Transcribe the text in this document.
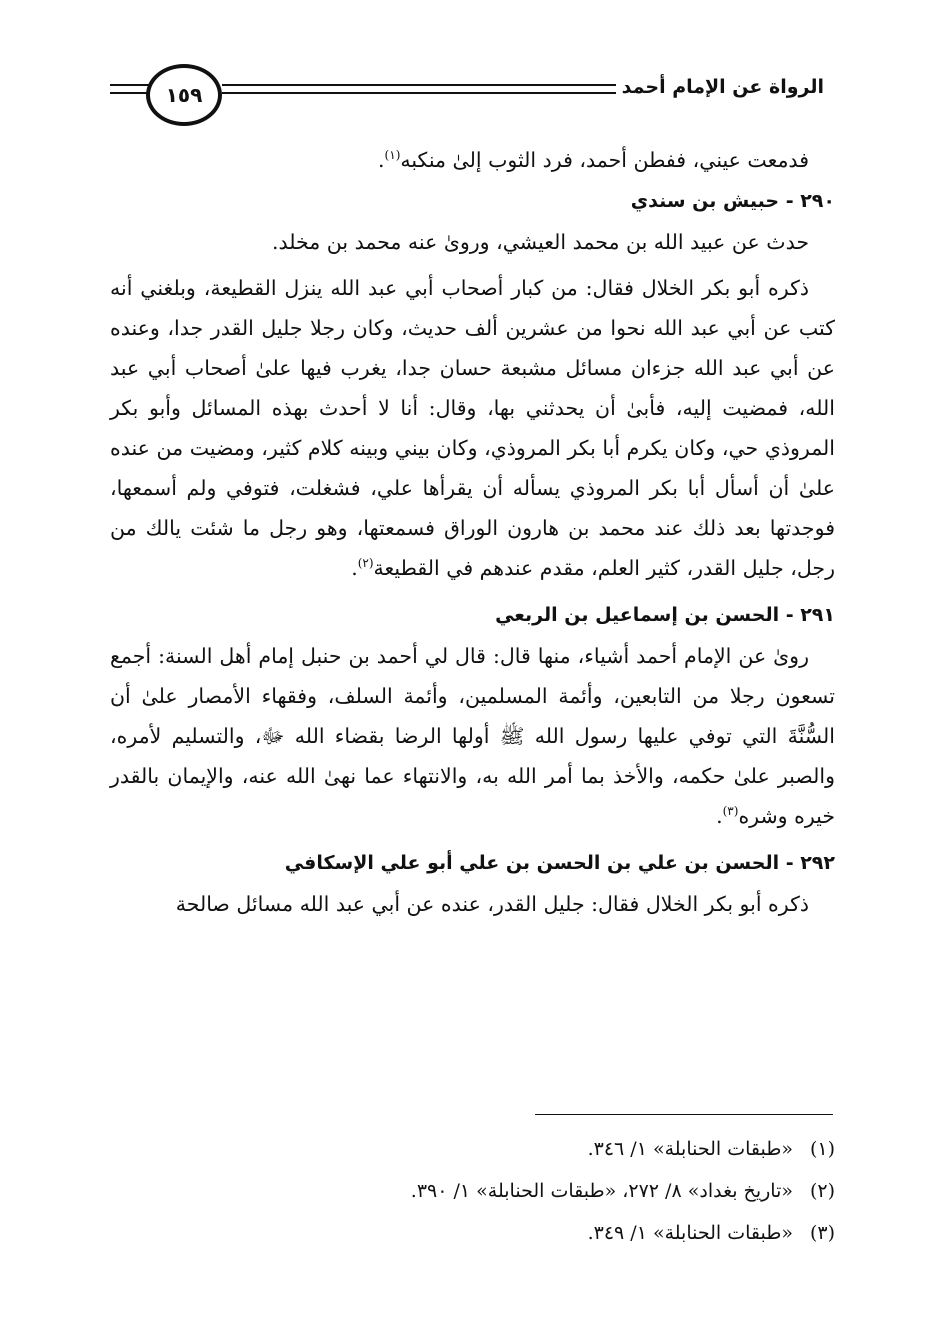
الرواة عن الإمام أحمد
١٥٩

فدمعت عيني، ففطن أحمد، فرد الثوب إلىٰ منكبه$^{(١)}$.

٢٩٠ - حبيش بن سندي

حدث عن عبيد الله بن محمد العيشي، وروىٰ عنه محمد بن مخلد.

ذكره أبو بكر الخلال فقال: من كبار أصحاب أبي عبد الله ينزل القطيعة، وبلغني أنه كتب عن أبي عبد الله نحوا من عشرين ألف حديث، وكان رجلا جليل القدر جدا، وعنده عن أبي عبد الله جزءان مسائل مشبعة حسان جدا، يغرب فيها علىٰ أصحاب أبي عبد الله، فمضيت إليه، فأبىٰ أن يحدثني بها، وقال: أنا لا أحدث بهذه المسائل وأبو بكر المروذي حي، وكان يكرم أبا بكر المروذي، وكان بيني وبينه كلام كثير، ومضيت من عنده علىٰ أن أسأل أبا بكر المروذي يسأله أن يقرأها علي، فشغلت، فتوفي ولم أسمعها، فوجدتها بعد ذلك عند محمد بن هارون الوراق فسمعتها، وهو رجل ما شئت يالك من رجل، جليل القدر، كثير العلم، مقدم عندهم في القطيعة$^{(٢)}$.

٢٩١ - الحسن بن إسماعيل بن الربعي

روىٰ عن الإمام أحمد أشياء، منها قال: قال لي أحمد بن حنبل إمام أهل السنة: أجمع تسعون رجلا من التابعين، وأئمة المسلمين، وأئمة السلف، وفقهاء الأمصار علىٰ أن السُّنَّةَ التي توفي عليها رسول الله ﷺ أولها الرضا بقضاء الله ﷻ، والتسليم لأمره، والصبر علىٰ حكمه، والأخذ بما أمر الله به، والانتهاء عما نهىٰ الله عنه، والإيمان بالقدر خيره وشره$^{(٣)}$.

٢٩٢ - الحسن بن علي بن الحسن بن علي أبو علي الإسكافي

ذكره أبو بكر الخلال فقال: جليل القدر، عنده عن أبي عبد الله مسائل صالحة

(١)«طبقات الحنابلة» ١/ ٣٤٦.

(٢)«تاريخ بغداد» ٨/ ٢٧٢، «طبقات الحنابلة» ١/ ٣٩٠.

(٣)«طبقات الحنابلة» ١/ ٣٤٩.
